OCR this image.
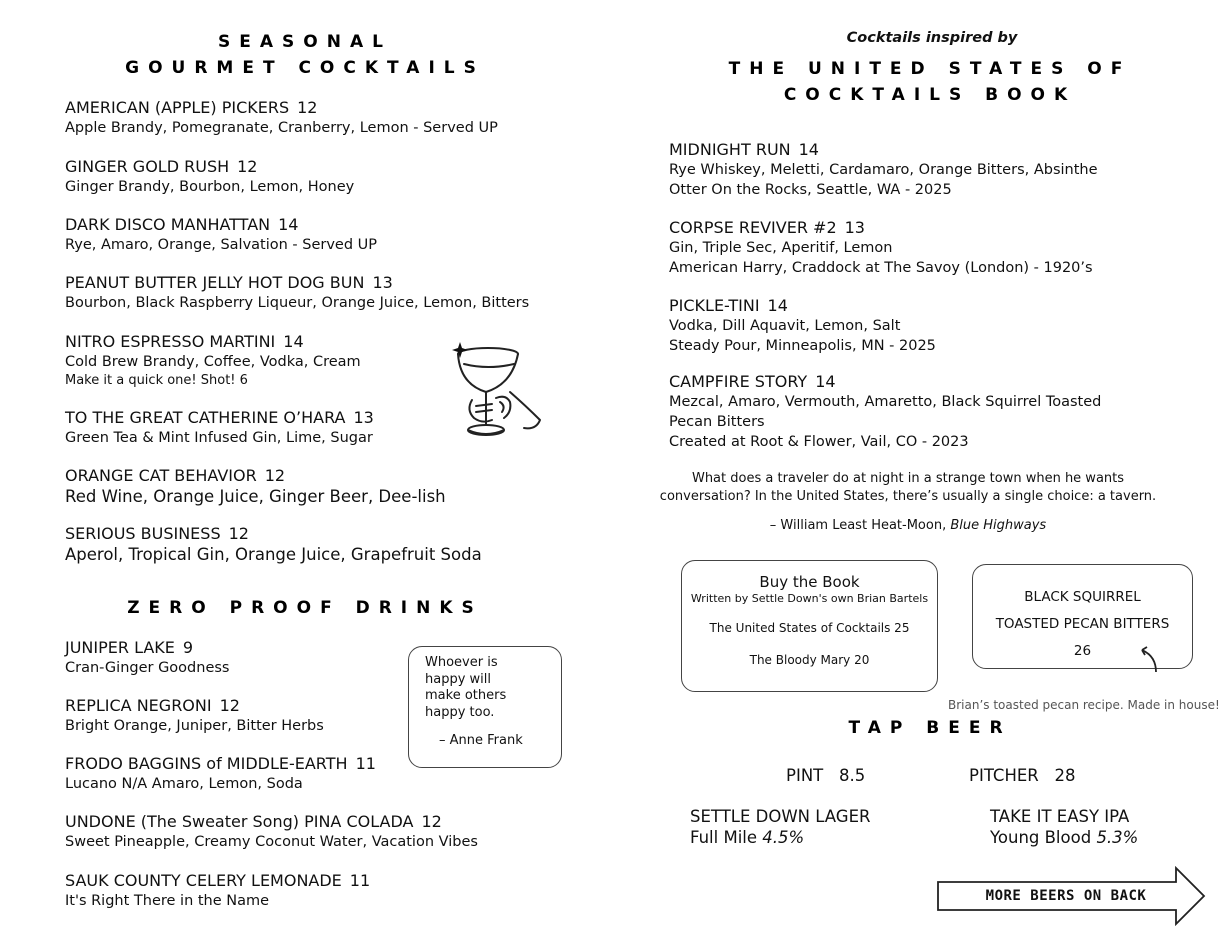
SEASONAL
GOURMET COCKTAILS
AMERICAN (APPLE) PICKERS 12
Apple Brandy, Pomegranate, Cranberry, Lemon - Served UP
GINGER GOLD RUSH 12
Ginger Brandy, Bourbon, Lemon, Honey
DARK DISCO MANHATTAN 14
Rye, Amaro, Orange, Salvation - Served UP
PEANUT BUTTER JELLY HOT DOG BUN 13
Bourbon, Black Raspberry Liqueur, Orange Juice, Lemon, Bitters
NITRO ESPRESSO MARTINI 14
Cold Brew Brandy, Coffee, Vodka, Cream
Make it a quick one! Shot! 6
TO THE GREAT CATHERINE O’HARA 13
Green Tea & Mint Infused Gin, Lime, Sugar
ORANGE CAT BEHAVIOR 12
Red Wine, Orange Juice, Ginger Beer, Dee-lish
SERIOUS BUSINESS 12
Aperol, Tropical Gin, Orange Juice, Grapefruit Soda
ZERO PROOF DRINKS
JUNIPER LAKE 9
Cran-Ginger Goodness
REPLICA NEGRONI 12
Bright Orange, Juniper, Bitter Herbs
FRODO BAGGINS of MIDDLE-EARTH 11
Lucano N/A Amaro, Lemon, Soda
UNDONE (The Sweater Song) PINA COLADA 12
Sweet Pineapple, Creamy Coconut Water, Vacation Vibes
SAUK COUNTY CELERY LEMONADE 11
It's Right There in the Name
Whoever is
happy will
make others
happy too.
– Anne Frank
Cocktails inspired by
THE UNITED STATES OF
COCKTAILS BOOK
MIDNIGHT RUN 14
Rye Whiskey, Meletti, Cardamaro, Orange Bitters, Absinthe
Otter On the Rocks, Seattle, WA - 2025
CORPSE REVIVER #2 13
Gin, Triple Sec, Aperitif, Lemon
American Harry, Craddock at The Savoy (London) - 1920’s
PICKLE-TINI 14
Vodka, Dill Aquavit, Lemon, Salt
Steady Pour, Minneapolis, MN - 2025
CAMPFIRE STORY 14
Mezcal, Amaro, Vermouth, Amaretto, Black Squirrel Toasted
Pecan Bitters
Created at Root & Flower, Vail, CO - 2023
What does a traveler do at night in a strange town when he wants
conversation? In the United States, there’s usually a single choice: a tavern.
– William Least Heat-Moon, Blue Highways
Buy the Book
Written by Settle Down's own Brian Bartels
The United States of Cocktails 25
The Bloody Mary 20
BLACK SQUIRREL
TOASTED PECAN BITTERS
26
Brian’s toasted pecan recipe. Made in house!
TAP BEER
PINT   8.5	PITCHER   28
SETTLE DOWN LAGER
Full Mile 4.5%
TAKE IT EASY IPA
Young Blood 5.3%
MORE BEERS ON BACK
